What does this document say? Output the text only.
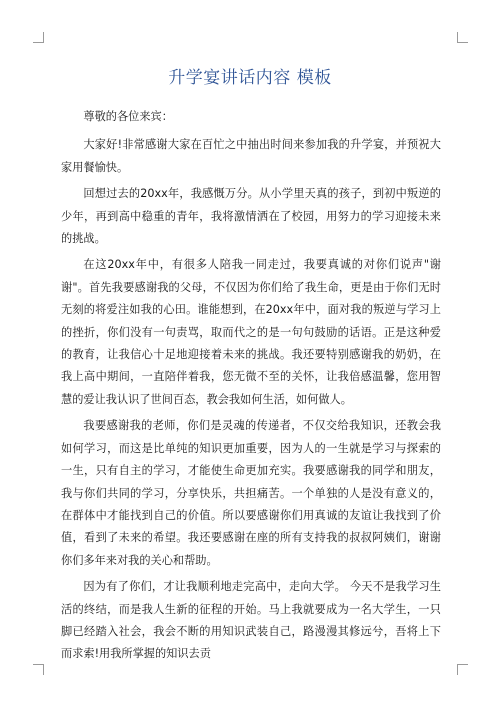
升学宴讲话内容 模板

尊敬的各位来宾：

大家好!非常感谢大家在百忙之中抽出时间来参加我的升学宴，并预祝大家用餐愉快。

回想过去的20xx年，我感慨万分。从小学里天真的孩子，到初中叛逆的少年，再到高中稳重的青年，我将激情洒在了校园，用努力的学习迎接未来的挑战。

在这20xx年中，有很多人陪我一同走过，我要真诚的对你们说声"谢谢"。首先我要感谢我的父母，不仅因为你们给了我生命，更是由于你们无时无刻的将爱注如我的心田。谁能想到，在20xx年中，面对我的叛逆与学习上的挫折，你们没有一句责骂，取而代之的是一句句鼓励的话语。正是这种爱的教育，让我信心十足地迎接着未来的挑战。我还要特别感谢我的奶奶，在我上高中期间，一直陪伴着我，您无微不至的关怀，让我倍感温馨，您用智慧的爱让我认识了世间百态，教会我如何生活，如何做人。

我要感谢我的老师，你们是灵魂的传递者，不仅交给我知识，还教会我如何学习，而这是比单纯的知识更加重要，因为人的一生就是学习与探索的一生，只有自主的学习，才能使生命更加充实。我要感谢我的同学和朋友，我与你们共同的学习，分享快乐，共担痛苦。一个单独的人是没有意义的，在群体中才能找到自己的价值。所以要感谢你们用真诚的友谊让我找到了价值，看到了未来的希望。我还要感谢在座的所有支持我的叔叔阿姨们，谢谢你们多年来对我的关心和帮助。

因为有了你们，才让我顺利地走完高中，走向大学。 今天不是我学习生活的终结，而是我人生新的征程的开始。马上我就要成为一名大学生，一只脚已经踏入社会，我会不断的用知识武装自己，路漫漫其修远兮，吾将上下而求索!用我所掌握的知识去贡
